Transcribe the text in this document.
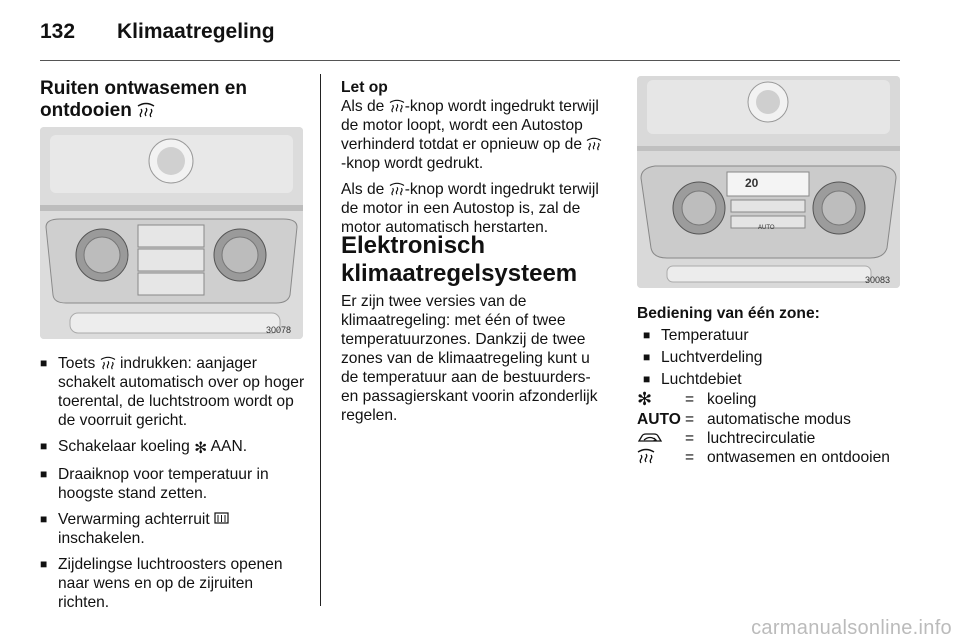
132 Klimaatregeling
Ruiten ontwasemen en
ontdooien
30078
■ Toets  indrukken: aanjager schakelt automatisch over op hoger toerental, de luchtstroom wordt op de voorruit gericht.
■ Schakelaar koeling ✻ AAN.
■ Draaiknop voor temperatuur in hoogste stand zetten.
■ Verwarming achterruit  inschakelen.
■ Zijdelingse luchtroosters openen naar wens en op de zijruiten richten.
Let op
Als de -knop wordt ingedrukt terwijl de motor loopt, wordt een Autostop verhinderd totdat er opnieuw op de -knop wordt gedrukt.
Als de -knop wordt ingedrukt terwijl de motor in een Autostop is, zal de motor automatisch herstarten.
Elektronisch klimaatregelsysteem
Er zijn twee versies van de klimaatregeling: met één of twee temperatuurzones. Dankzij de twee zones van de klimaatregeling kunt u de temperatuur aan de bestuurders- en passagierskant voorin afzonderlijk regelen.
20
AUTO
30083
Bediening van één zone:
■ Temperatuur
■ Luchtverdeling
■ Luchtdebiet
✻	=	koeling
AUTO	=	automatische modus
	=	luchtrecirculatie
	=	ontwasemen en ontdooien
carmanualsonline.info
